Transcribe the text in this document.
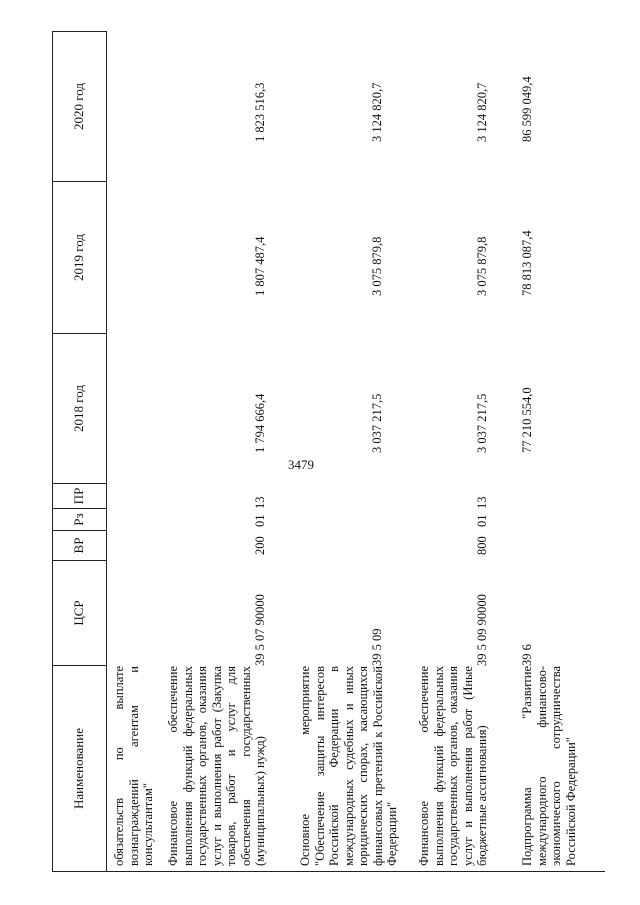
3479
Наименование
ЦСР
ВР
Рз
ПР
2018 год
2019 год
2020 год
обязательств по выплате вознаграждений агентам и консультантам" Финансовое обеспечение выполнения функций федеральных государственных органов, оказания услуг и выполнения работ (Закупка товаров, работ и услуг для обеспечения государственных (муниципальных) нужд)
39 5 07 90000
200
01
13
1 794 666,4
1 807 487,4
1 823 516,3
Основное мероприятие "Обеспечение защиты интересов Российской Федерации в международных судебных и иных юридических спорах, касающихся финансовых претензий к Российской Федерации"
39 5 09
3 037 217,5
3 075 879,8
3 124 820,7
Финансовое обеспечение выполнения функций федеральных государственных органов, оказания услуг и выполнения работ (Иные бюджетные ассигнования)
39 5 09 90000
800
01
13
3 037 217,5
3 075 879,8
3 124 820,7
Подпрограмма "Развитие международного финансово-экономического сотрудничества Российской Федерации"
39 6
77 210 554,0
78 813 087,4
86 599 049,4
